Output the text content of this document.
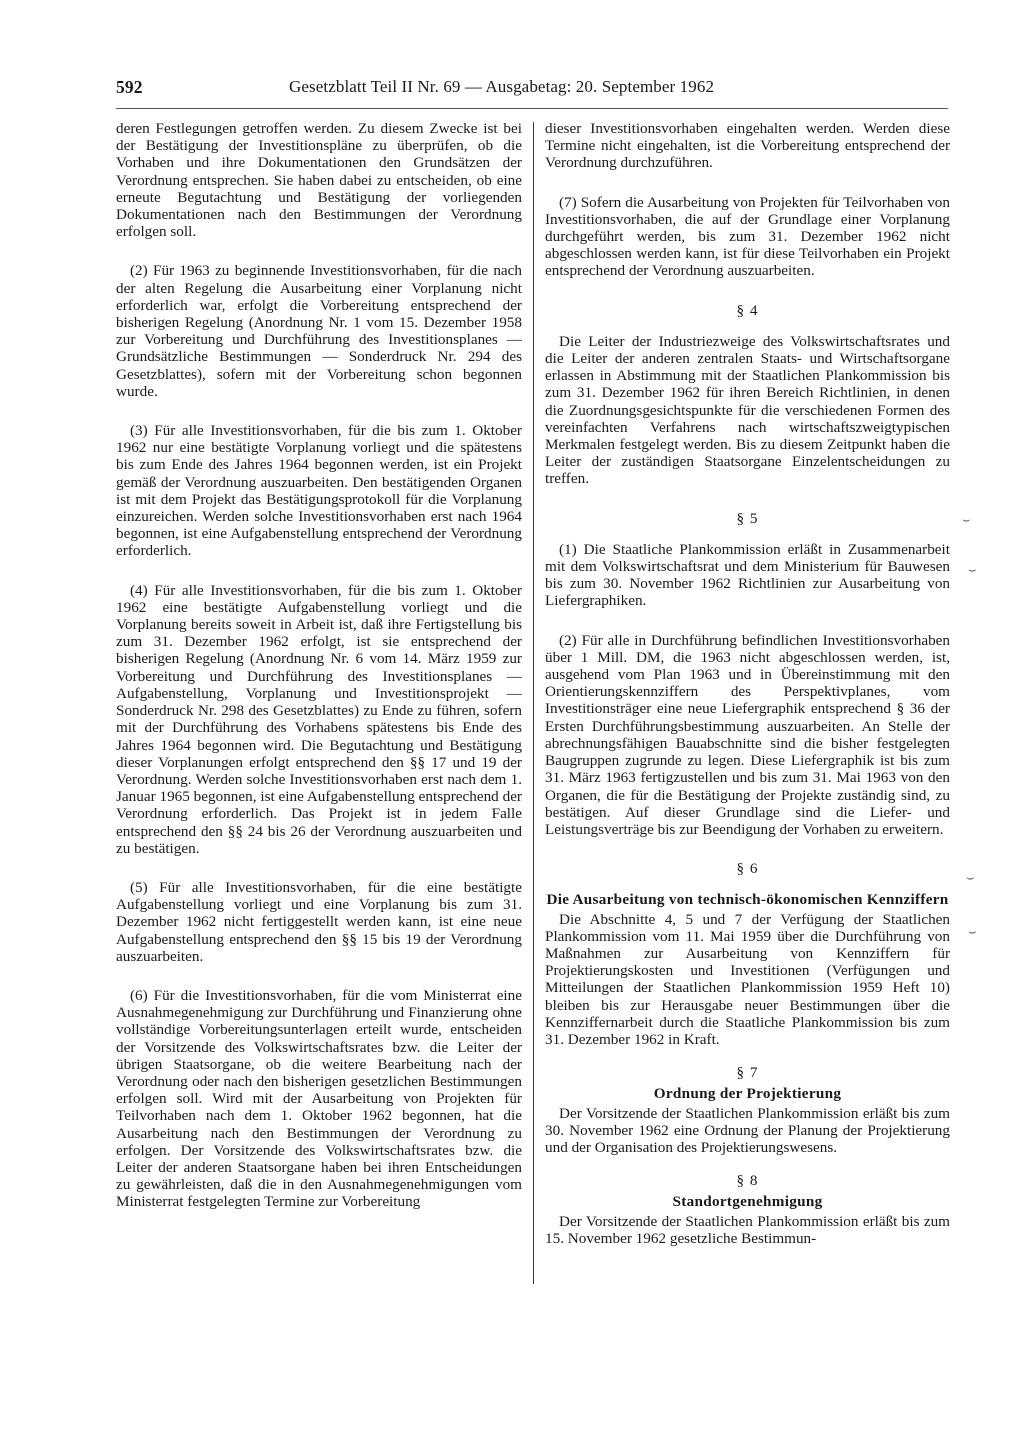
592	Gesetzblatt Teil II Nr. 69 — Ausgabetag: 20. September 1962

deren Festlegungen getroffen werden. Zu diesem Zwecke ist bei der Bestätigung der Investitionspläne zu überprüfen, ob die Vorhaben und ihre Dokumentationen den Grundsätzen der Verordnung entsprechen. Sie haben dabei zu entscheiden, ob eine erneute Begutachtung und Bestätigung der vorliegenden Dokumentationen nach den Bestimmungen der Verordnung erfolgen soll.

(2) Für 1963 zu beginnende Investitionsvorhaben, für die nach der alten Regelung die Ausarbeitung einer Vorplanung nicht erforderlich war, erfolgt die Vorbereitung entsprechend der bisherigen Regelung (Anordnung Nr. 1 vom 15. Dezember 1958 zur Vorbereitung und Durchführung des Investitionsplanes — Grundsätzliche Bestimmungen — Sonderdruck Nr. 294 des Gesetzblattes), sofern mit der Vorbereitung schon begonnen wurde.

(3) Für alle Investitionsvorhaben, für die bis zum 1. Oktober 1962 nur eine bestätigte Vorplanung vorliegt und die spätestens bis zum Ende des Jahres 1964 begonnen werden, ist ein Projekt gemäß der Verordnung auszuarbeiten. Den bestätigenden Organen ist mit dem Projekt das Bestätigungsprotokoll für die Vorplanung einzureichen. Werden solche Investitionsvorhaben erst nach 1964 begonnen, ist eine Aufgabenstellung entsprechend der Verordnung erforderlich.

(4) Für alle Investitionsvorhaben, für die bis zum 1. Oktober 1962 eine bestätigte Aufgabenstellung vorliegt und die Vorplanung bereits soweit in Arbeit ist, daß ihre Fertigstellung bis zum 31. Dezember 1962 erfolgt, ist sie entsprechend der bisherigen Regelung (Anordnung Nr. 6 vom 14. März 1959 zur Vorbereitung und Durchführung des Investitionsplanes — Aufgabenstellung, Vorplanung und Investitionsprojekt — Sonderdruck Nr. 298 des Gesetzblattes) zu Ende zu führen, sofern mit der Durchführung des Vorhabens spätestens bis Ende des Jahres 1964 begonnen wird. Die Begutachtung und Bestätigung dieser Vorplanungen erfolgt entsprechend den §§ 17 und 19 der Verordnung. Werden solche Investitionsvorhaben erst nach dem 1. Januar 1965 begonnen, ist eine Aufgabenstellung entsprechend der Verordnung erforderlich. Das Projekt ist in jedem Falle entsprechend den §§ 24 bis 26 der Verordnung auszuarbeiten und zu bestätigen.

(5) Für alle Investitionsvorhaben, für die eine bestätigte Aufgabenstellung vorliegt und eine Vorplanung bis zum 31. Dezember 1962 nicht fertiggestellt werden kann, ist eine neue Aufgabenstellung entsprechend den §§ 15 bis 19 der Verordnung auszuarbeiten.

(6) Für die Investitionsvorhaben, für die vom Ministerrat eine Ausnahmegenehmigung zur Durchführung und Finanzierung ohne vollständige Vorbereitungsunterlagen erteilt wurde, entscheiden der Vorsitzende des Volkswirtschaftsrates bzw. die Leiter der übrigen Staatsorgane, ob die weitere Bearbeitung nach der Verordnung oder nach den bisherigen gesetzlichen Bestimmungen erfolgen soll. Wird mit der Ausarbeitung von Projekten für Teilvorhaben nach dem 1. Oktober 1962 begonnen, hat die Ausarbeitung nach den Bestimmungen der Verordnung zu erfolgen. Der Vorsitzende des Volkswirtschaftsrates bzw. die Leiter der anderen Staatsorgane haben bei ihren Entscheidungen zu gewährleisten, daß die in den Ausnahmegenehmigungen vom Ministerrat festgelegten Termine zur Vorbereitung

dieser Investitionsvorhaben eingehalten werden. Werden diese Termine nicht eingehalten, ist die Vorbereitung entsprechend der Verordnung durchzuführen.

(7) Sofern die Ausarbeitung von Projekten für Teilvorhaben von Investitionsvorhaben, die auf der Grundlage einer Vorplanung durchgeführt werden, bis zum 31. Dezember 1962 nicht abgeschlossen werden kann, ist für diese Teilvorhaben ein Projekt entsprechend der Verordnung auszuarbeiten.

§ 4

Die Leiter der Industriezweige des Volkswirtschaftsrates und die Leiter der anderen zentralen Staats- und Wirtschaftsorgane erlassen in Abstimmung mit der Staatlichen Plankommission bis zum 31. Dezember 1962 für ihren Bereich Richtlinien, in denen die Zuordnungsgesichtspunkte für die verschiedenen Formen des vereinfachten Verfahrens nach wirtschaftszweigtypischen Merkmalen festgelegt werden. Bis zu diesem Zeitpunkt haben die Leiter der zuständigen Staatsorgane Einzelentscheidungen zu treffen.

§ 5

(1) Die Staatliche Plankommission erläßt in Zusammenarbeit mit dem Volkswirtschaftsrat und dem Ministerium für Bauwesen bis zum 30. November 1962 Richtlinien zur Ausarbeitung von Liefergraphiken.

(2) Für alle in Durchführung befindlichen Investitionsvorhaben über 1 Mill. DM, die 1963 nicht abgeschlossen werden, ist, ausgehend vom Plan 1963 und in Übereinstimmung mit den Orientierungskennziffern des Perspektivplanes, vom Investitionsträger eine neue Liefergraphik entsprechend § 36 der Ersten Durchführungsbestimmung auszuarbeiten. An Stelle der abrechnungsfähigen Bauabschnitte sind die bisher festgelegten Baugruppen zugrunde zu legen. Diese Liefergraphik ist bis zum 31. März 1963 fertigzustellen und bis zum 31. Mai 1963 von den Organen, die für die Bestätigung der Projekte zuständig sind, zu bestätigen. Auf dieser Grundlage sind die Liefer- und Leistungsverträge bis zur Beendigung der Vorhaben zu erweitern.

§ 6

Die Ausarbeitung von technisch-ökonomischen Kennziffern

Die Abschnitte 4, 5 und 7 der Verfügung der Staatlichen Plankommission vom 11. Mai 1959 über die Durchführung von Maßnahmen zur Ausarbeitung von Kennziffern für Projektierungskosten und Investitionen (Verfügungen und Mitteilungen der Staatlichen Plankommission 1959 Heft 10) bleiben bis zur Herausgabe neuer Bestimmungen über die Kennziffernarbeit durch die Staatliche Plankommission bis zum 31. Dezember 1962 in Kraft.

§ 7

Ordnung der Projektierung

Der Vorsitzende der Staatlichen Plankommission erläßt bis zum 30. November 1962 eine Ordnung der Planung der Projektierung und der Organisation des Projektierungswesens.

§ 8

Standortgenehmigung

Der Vorsitzende der Staatlichen Plankommission erläßt bis zum 15. November 1962 gesetzliche Bestimmun-

⌣
⌣
⌣
⌣
